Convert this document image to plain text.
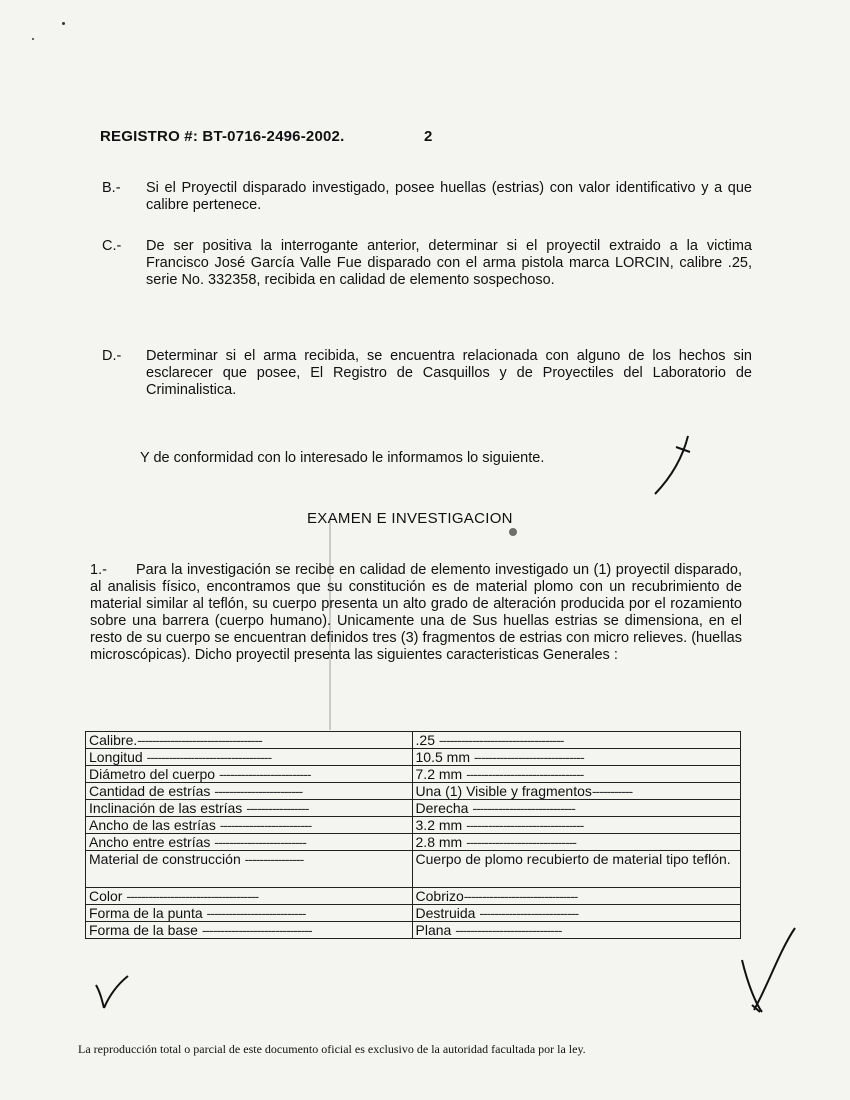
REGISTRO #: BT-0716-2496-2002.	2
B.-	Si el Proyectil disparado investigado, posee huellas (estrias) con valor identificativo y a que calibre pertenece.
C.-	De ser positiva la interrogante anterior, determinar si el proyectil extraido a la victima Francisco José García Valle Fue disparado con el arma pistola marca LORCIN, calibre .25, serie No. 332358, recibida en calidad de elemento sospechoso.
D.-	Determinar si el arma recibida, se encuentra relacionada con alguno de los hechos sin esclarecer que posee, El Registro de Casquillos y de Proyectiles del Laboratorio de Criminalistica.
Y de conformidad con lo interesado le informamos lo siguiente.
EXAMEN E INVESTIGACION
1.- Para la investigación se recibe en calidad de elemento investigado un (1) proyectil disparado, al analisis físico, encontramos que su constitución es de material plomo con un recubrimiento de material similar al teflón, su cuerpo presenta un alto grado de alteración producida por el rozamiento sobre una barrera (cuerpo humano). Unicamente una de Sus huellas estrias se dimensiona, en el resto de su cuerpo se encuentran definidos tres (3) fragmentos de estrias con micro relieves. (huellas microscópicas). Dicho proyectil presenta las siguientes caracteristicas Generales :
Calibre.----------------------------------	.25 ----------------------------------
Longitud ----------------------------------	10.5 mm ------------------------------
Diámetro del cuerpo -------------------------	7.2 mm --------------------------------
Cantidad de estrías ------------------------	Una (1) Visible y fragmentos-----------
Inclinación de las estrías -----------------	Derecha ----------------------------
Ancho de las estrías -------------------------	3.2 mm --------------------------------
Ancho entre estrías -------------------------	2.8 mm ------------------------------
Material de construcción ----------------	Cuerpo de plomo recubierto de material tipo teflón.
Color ------------------------------------	Cobrizo-------------------------------
Forma de la punta ---------------------------	Destruida ---------------------------
Forma de la base ------------------------------	Plana -----------------------------
La reproducción total o parcial de este documento oficial es exclusivo de la autoridad facultada por la ley.
